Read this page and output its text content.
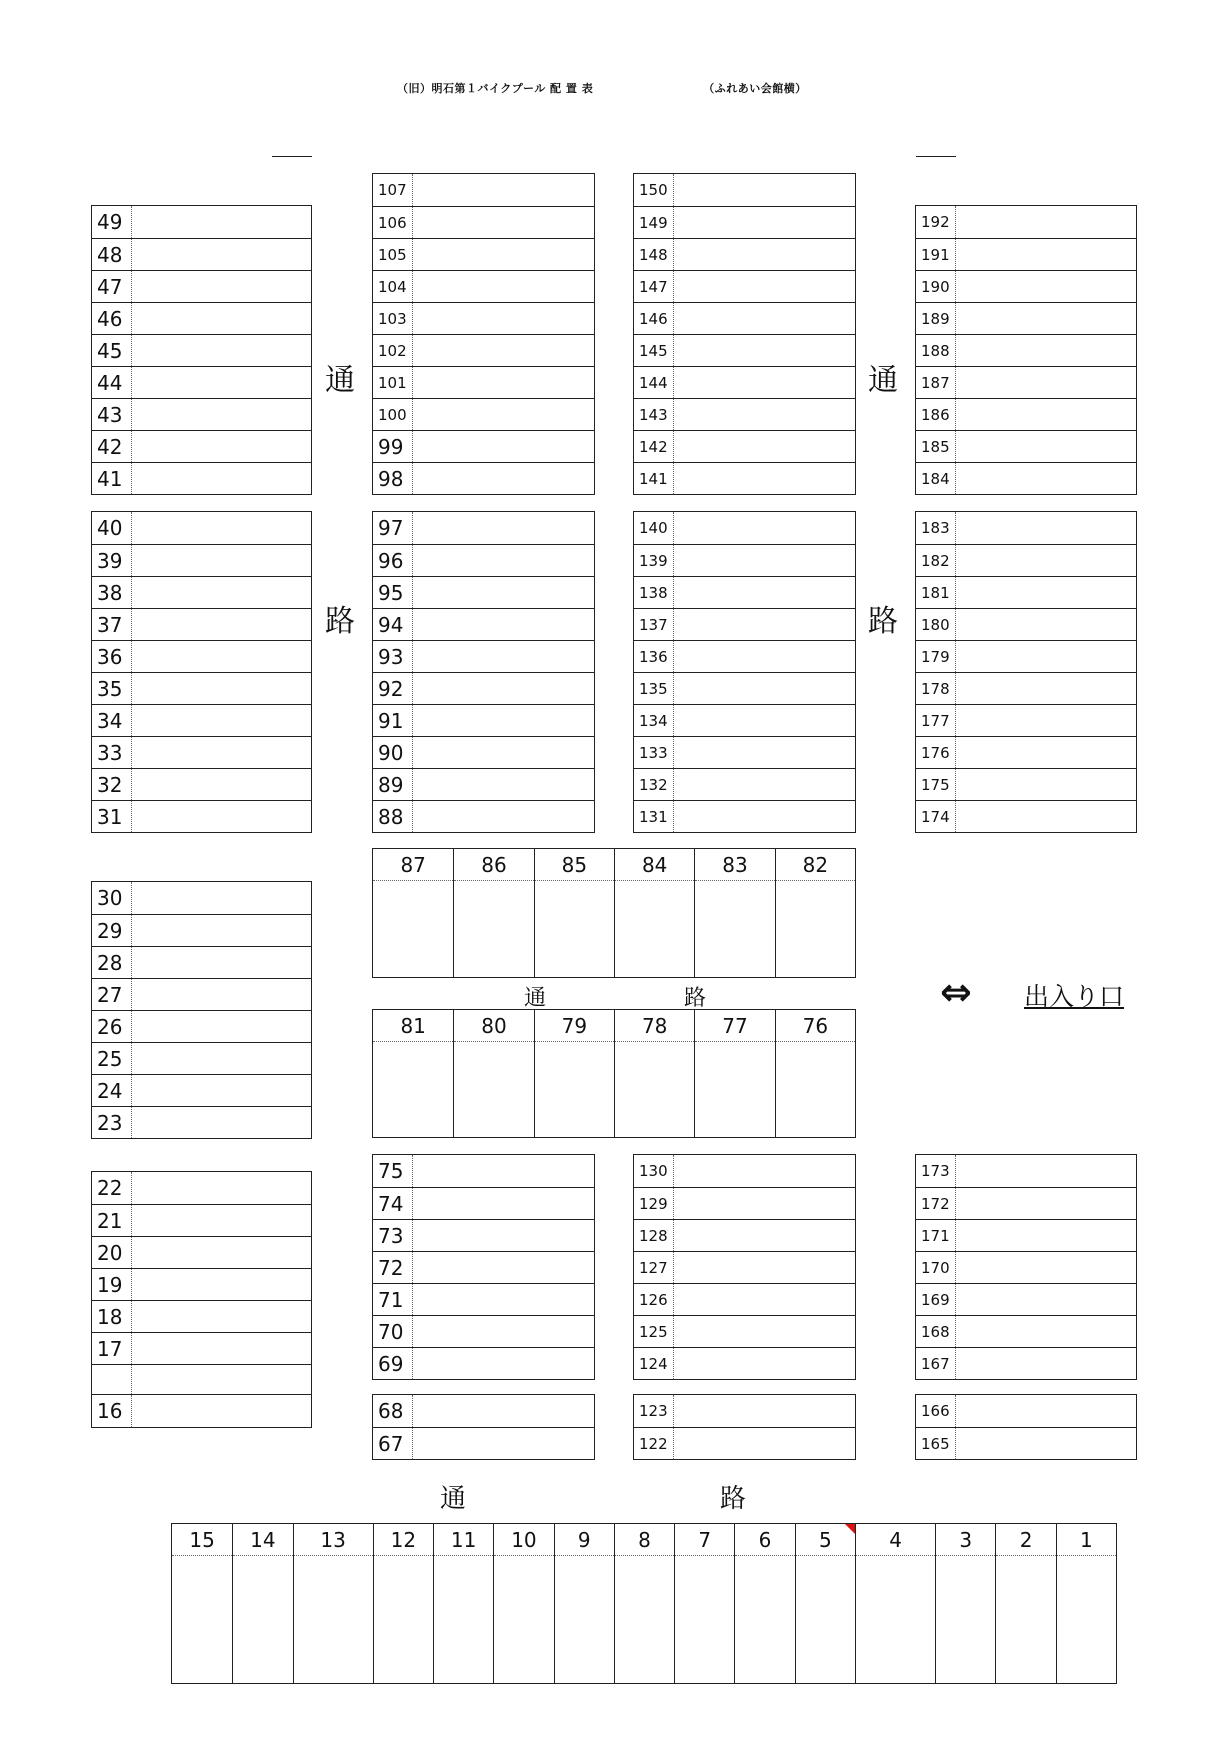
（旧）明石第１バイクプール 配 置 表	（ふれあい会館横）
49
48
47
46
45
44
43
42
41
40
39
38
37
36
35
34
33
32
31
30
29
28
27
26
25
24
23
22
21
20
19
18
17
16
107
106
105
104
103
102
101
100
99
98
97
96
95
94
93
92
91
90
89
88
75
74
73
72
71
70
69
68
67
150
149
148
147
146
145
144
143
142
141
140
139
138
137
136
135
134
133
132
131
130
129
128
127
126
125
124
123
122
192
191
190
189
188
187
186
185
184
183
182
181
180
179
178
177
176
175
174
173
172
171
170
169
168
167
166
165
87	86	85	84	83	82
81	80	79	78	77	76
15	14	13	12	11	10	9	8	7	6	5	4	3	2	1
通
路
通
路
通	路
通	路
⇔ 出入り口
